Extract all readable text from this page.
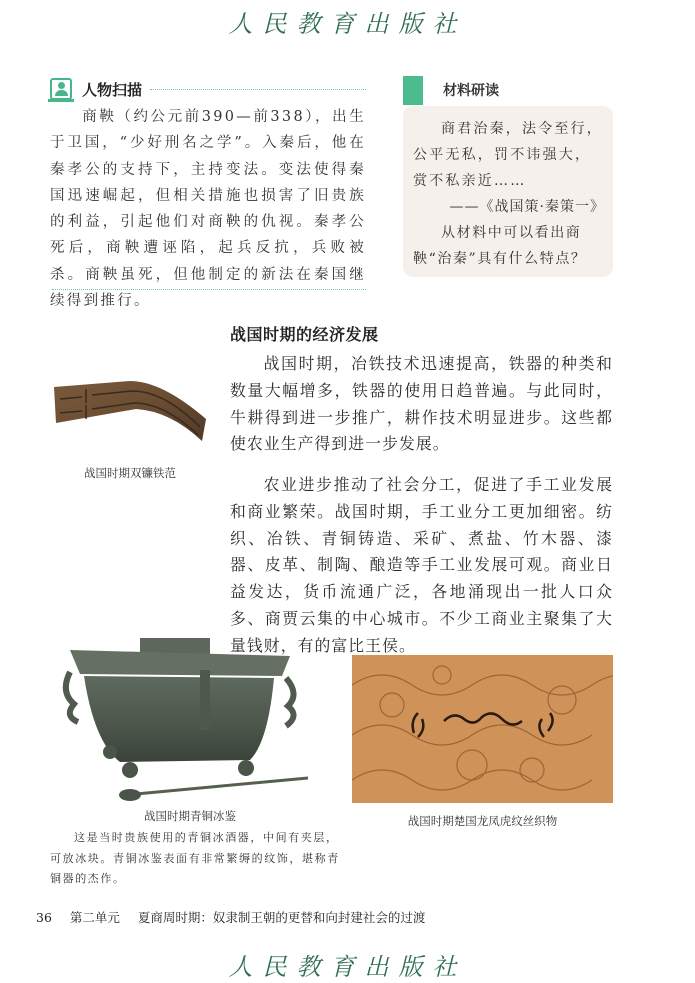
人民教育出版社
人物扫描
商鞅（约公元前390—前338），出生于卫国，“少好刑名之学”。入秦后，他在秦孝公的支持下，主持变法。变法使得秦国迅速崛起，但相关措施也损害了旧贵族的利益，引起他们对商鞅的仇视。秦孝公死后，商鞅遭诬陷，起兵反抗，兵败被杀。商鞅虽死，但他制定的新法在秦国继续得到推行。
材料研读
商君治秦，法令至行，公平无私，罚不讳强大，赏不私亲近……
——《战国策·秦策一》
从材料中可以看出商鞅“治秦”具有什么特点？
战国时期的经济发展
战国时期，冶铁技术迅速提高，铁器的种类和数量大幅增多，铁器的使用日趋普遍。与此同时，牛耕得到进一步推广，耕作技术明显进步。这些都使农业生产得到进一步发展。
农业进步推动了社会分工，促进了手工业发展和商业繁荣。战国时期，手工业分工更加细密。纺织、冶铁、青铜铸造、采矿、煮盐、竹木器、漆器、皮革、制陶、酿造等手工业发展可观。商业日益发达，货币流通广泛，各地涌现出一批人口众多、商贾云集的中心城市。不少工商业主聚集了大量钱财，有的富比王侯。
战国时期双镰铁范
战国时期青铜冰鉴
这是当时贵族使用的青铜冰酒器，中间有夹层，可放冰块。青铜冰鉴表面有非常繁缛的纹饰，堪称青铜器的杰作。
战国时期楚国龙凤虎纹丝织物
36 第二单元 夏商周时期：奴隶制王朝的更替和向封建社会的过渡
人民教育出版社
